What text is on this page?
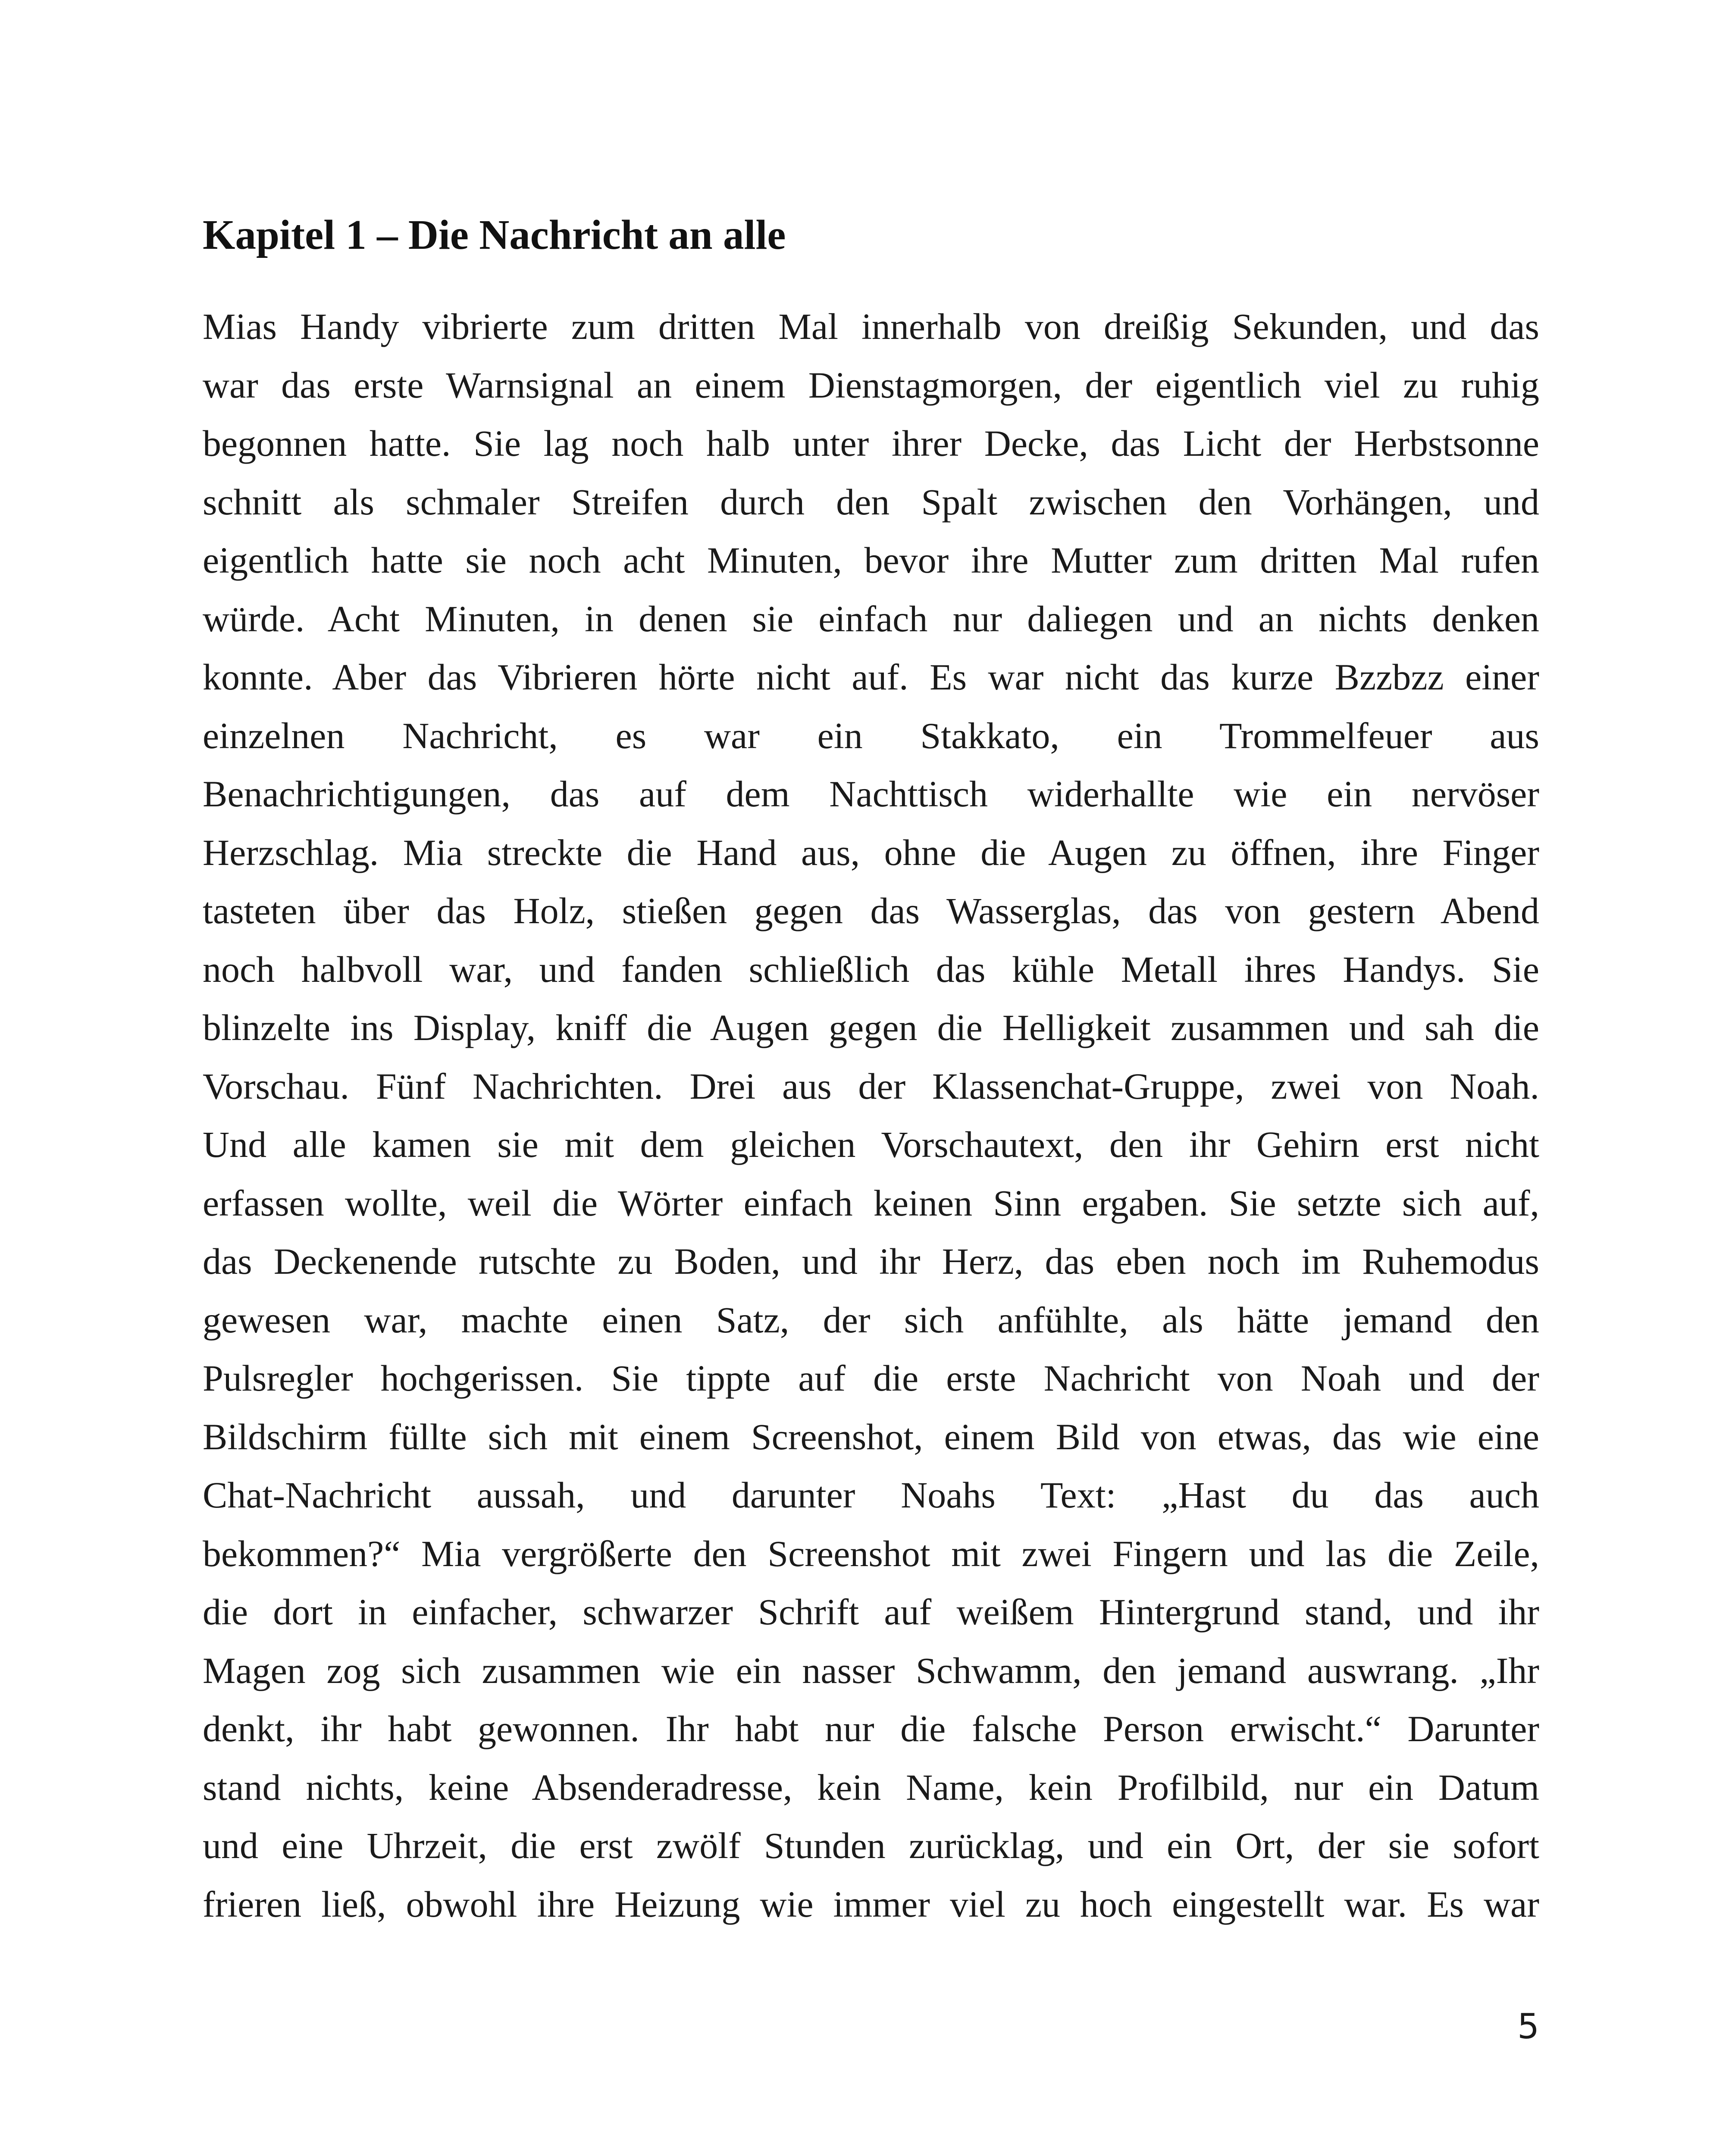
Kapitel 1 – Die Nachricht an alle
Mias Handy vibrierte zum dritten Mal innerhalb von dreißig Sekunden, und das
war das erste Warnsignal an einem Dienstagmorgen, der eigentlich viel zu ruhig
begonnen hatte. Sie lag noch halb unter ihrer Decke, das Licht der Herbstsonne
schnitt als schmaler Streifen durch den Spalt zwischen den Vorhängen, und
eigentlich hatte sie noch acht Minuten, bevor ihre Mutter zum dritten Mal rufen
würde. Acht Minuten, in denen sie einfach nur daliegen und an nichts denken
konnte. Aber das Vibrieren hörte nicht auf. Es war nicht das kurze Bzzbzz einer
einzelnen Nachricht, es war ein Stakkato, ein Trommelfeuer aus
Benachrichtigungen, das auf dem Nachttisch widerhallte wie ein nervöser
Herzschlag. Mia streckte die Hand aus, ohne die Augen zu öffnen, ihre Finger
tasteten über das Holz, stießen gegen das Wasserglas, das von gestern Abend
noch halbvoll war, und fanden schließlich das kühle Metall ihres Handys. Sie
blinzelte ins Display, kniff die Augen gegen die Helligkeit zusammen und sah die
Vorschau. Fünf Nachrichten. Drei aus der Klassenchat-Gruppe, zwei von Noah.
Und alle kamen sie mit dem gleichen Vorschautext, den ihr Gehirn erst nicht
erfassen wollte, weil die Wörter einfach keinen Sinn ergaben. Sie setzte sich auf,
das Deckenende rutschte zu Boden, und ihr Herz, das eben noch im Ruhemodus
gewesen war, machte einen Satz, der sich anfühlte, als hätte jemand den
Pulsregler hochgerissen. Sie tippte auf die erste Nachricht von Noah und der
Bildschirm füllte sich mit einem Screenshot, einem Bild von etwas, das wie eine
Chat-Nachricht aussah, und darunter Noahs Text: „Hast du das auch
bekommen?“ Mia vergrößerte den Screenshot mit zwei Fingern und las die Zeile,
die dort in einfacher, schwarzer Schrift auf weißem Hintergrund stand, und ihr
Magen zog sich zusammen wie ein nasser Schwamm, den jemand auswrang. „Ihr
denkt, ihr habt gewonnen. Ihr habt nur die falsche Person erwischt.“ Darunter
stand nichts, keine Absenderadresse, kein Name, kein Profilbild, nur ein Datum
und eine Uhrzeit, die erst zwölf Stunden zurücklag, und ein Ort, der sie sofort
frieren ließ, obwohl ihre Heizung wie immer viel zu hoch eingestellt war. Es war

5
